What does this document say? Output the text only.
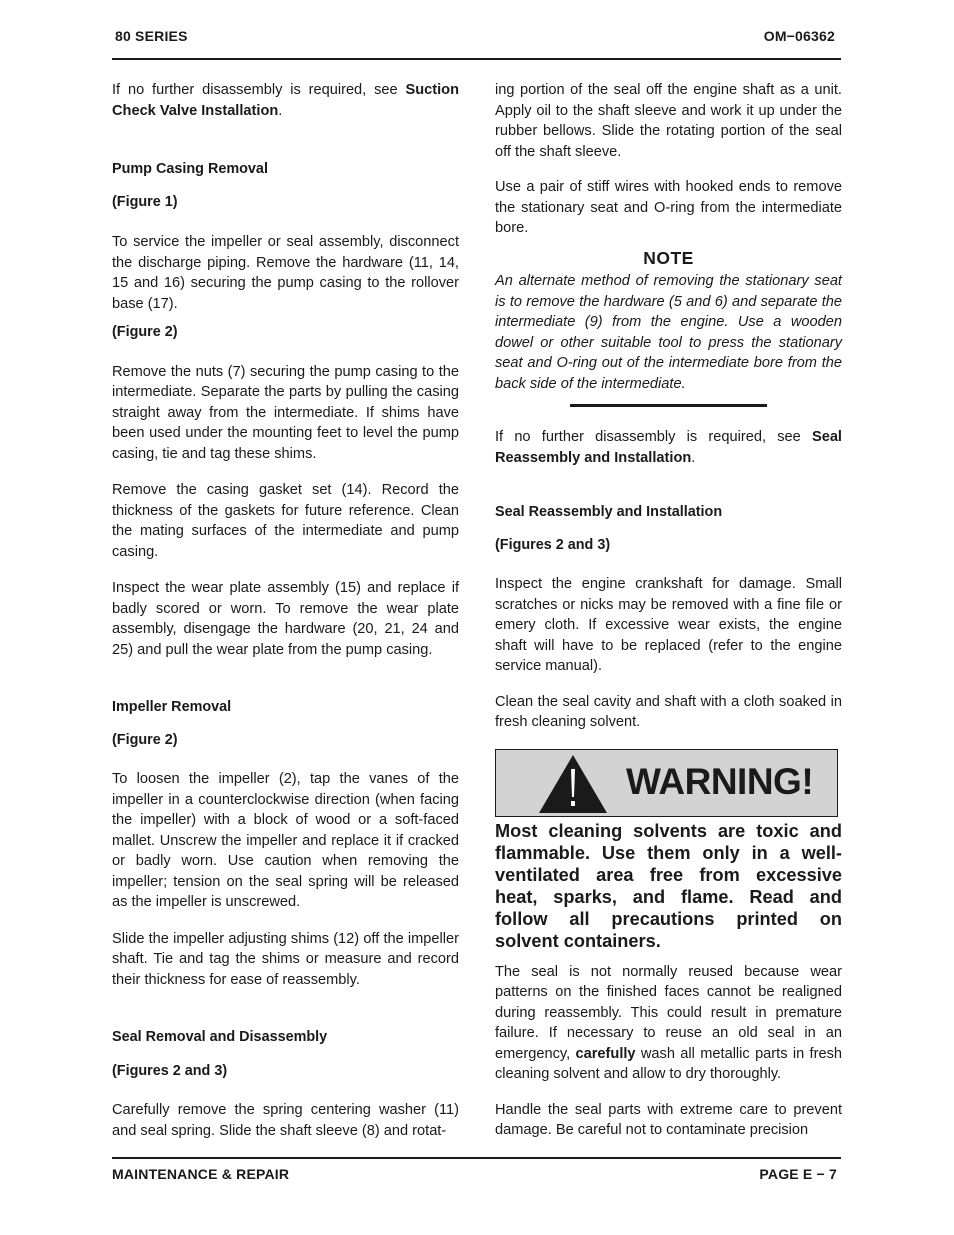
80 SERIES	OM−06362

If no further disassembly is required, see Suction Check Valve Installation.

Pump Casing Removal
(Figure 1)

To service the impeller or seal assembly, disconnect the discharge piping. Remove the hardware (11, 14, 15 and 16) securing the pump casing to the rollover base (17).

(Figure 2)

Remove the nuts (7) securing the pump casing to the intermediate. Separate the parts by pulling the casing straight away from the intermediate. If shims have been used under the mounting feet to level the pump casing, tie and tag these shims.

Remove the casing gasket set (14). Record the thickness of the gaskets for future reference. Clean the mating surfaces of the intermediate and pump casing.

Inspect the wear plate assembly (15) and replace if badly scored or worn. To remove the wear plate assembly, disengage the hardware (20, 21, 24 and 25) and pull the wear plate from the pump casing.

Impeller Removal
(Figure 2)

To loosen the impeller (2), tap the vanes of the impeller in a counterclockwise direction (when facing the impeller) with a block of wood or a soft-faced mallet. Unscrew the impeller and replace it if cracked or badly worn. Use caution when removing the impeller; tension on the seal spring will be released as the impeller is unscrewed.

Slide the impeller adjusting shims (12) off the impeller shaft. Tie and tag the shims or measure and record their thickness for ease of reassembly.

Seal Removal and Disassembly
(Figures 2 and 3)

Carefully remove the spring centering washer (11) and seal spring. Slide the shaft sleeve (8) and rotat-

ing portion of the seal off the engine shaft as a unit. Apply oil to the shaft sleeve and work it up under the rubber bellows. Slide the rotating portion of the seal off the shaft sleeve.

Use a pair of stiff wires with hooked ends to remove the stationary seat and O-ring from the intermediate bore.

NOTE

An alternate method of removing the stationary seat is to remove the hardware (5 and 6) and separate the intermediate (9) from the engine. Use a wooden dowel or other suitable tool to press the stationary seat and O-ring out of the intermediate bore from the back side of the intermediate.

If no further disassembly is required, see Seal Reassembly and Installation.

Seal Reassembly and Installation
(Figures 2 and 3)

Inspect the engine crankshaft for damage. Small scratches or nicks may be removed with a fine file or emery cloth. If excessive wear exists, the engine shaft will have to be replaced (refer to the engine service manual).

Clean the seal cavity and shaft with a cloth soaked in fresh cleaning solvent.

WARNING!

Most cleaning solvents are toxic and flammable. Use them only in a well-ventilated area free from excessive heat, sparks, and flame. Read and follow all precautions printed on solvent containers.

The seal is not normally reused because wear patterns on the finished faces cannot be realigned during reassembly. This could result in premature failure. If necessary to reuse an old seal in an emergency, carefully wash all metallic parts in fresh cleaning solvent and allow to dry thoroughly.

Handle the seal parts with extreme care to prevent damage. Be careful not to contaminate precision

MAINTENANCE & REPAIR	PAGE E − 7
